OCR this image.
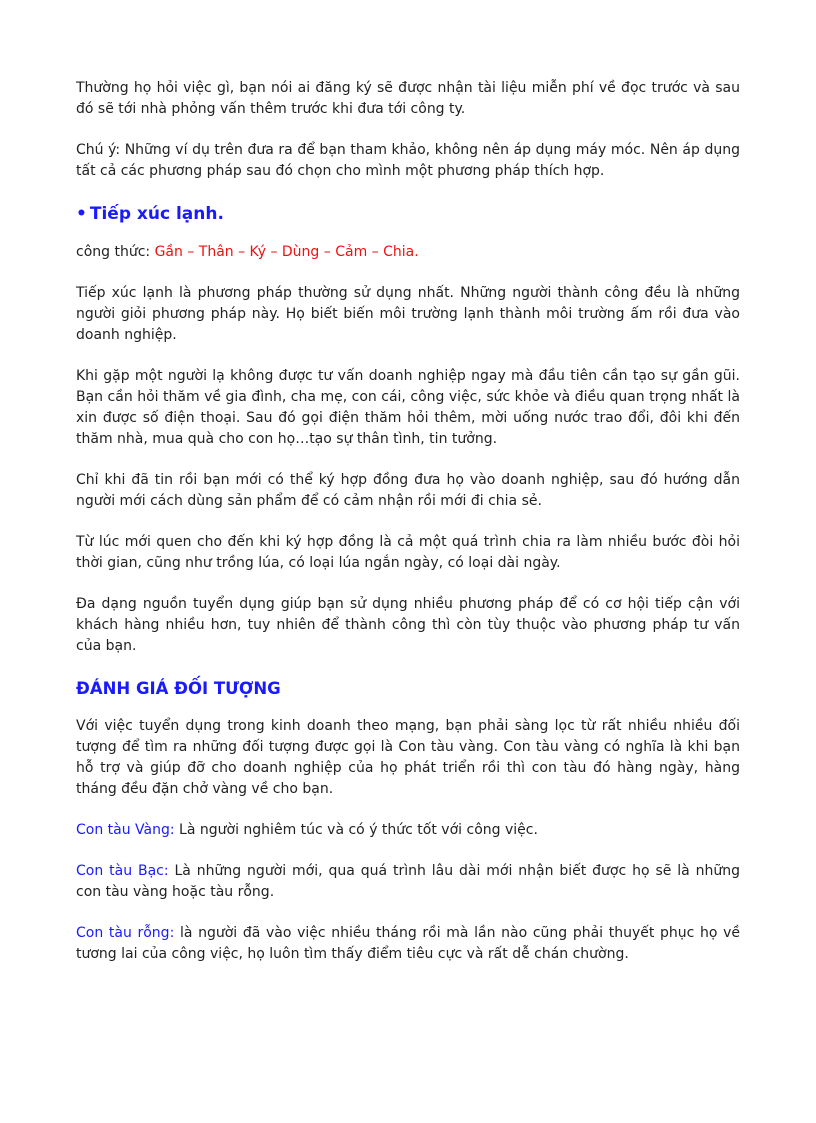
Thường họ hỏi việc gì, bạn nói ai đăng ký sẽ được nhận tài liệu miễn phí về đọc trước và sau đó sẽ tới nhà phỏng vấn thêm trước khi đưa tới công ty.

Chú ý: Những ví dụ trên đưa ra để bạn tham khảo, không nên áp dụng máy móc. Nên áp dụng tất cả các phương pháp sau đó chọn cho mình một phương pháp thích hợp.

• Tiếp xúc lạnh.

công thức: Gần – Thân – Ký – Dùng – Cảm – Chia.

Tiếp xúc lạnh là phương pháp thường sử dụng nhất. Những người thành công đều là những người giỏi phương pháp này. Họ biết biến môi trường lạnh thành môi trường ấm rồi đưa vào doanh nghiệp.

Khi gặp một người lạ không được tư vấn doanh nghiệp ngay mà đầu tiên cần tạo sự gần gũi. Bạn cần hỏi thăm về gia đình, cha mẹ, con cái, công việc, sức khỏe và điều quan trọng nhất là xin được số điện thoại. Sau đó gọi điện thăm hỏi thêm, mời uống nước trao đổi, đôi khi đến thăm nhà, mua quà cho con họ…tạo sự thân tình, tin tưởng.

Chỉ khi đã tin rồi bạn mới có thể ký hợp đồng đưa họ vào doanh nghiệp, sau đó hướng dẫn người mới cách dùng sản phẩm để có cảm nhận rồi mới đi chia sẻ.

Từ lúc mới quen cho đến khi ký hợp đồng là cả một quá trình chia ra làm nhiều bước đòi hỏi thời gian, cũng như trồng lúa, có loại lúa ngắn ngày, có loại dài ngày.

Đa dạng nguồn tuyển dụng giúp bạn sử dụng nhiều phương pháp để có cơ hội tiếp cận với khách hàng nhiều hơn, tuy nhiên để thành công thì còn tùy thuộc vào phương pháp tư vấn của bạn.

ĐÁNH GIÁ ĐỐI TƯỢNG

Với việc tuyển dụng trong kinh doanh theo mạng, bạn phải sàng lọc từ rất nhiều nhiều đối tượng để tìm ra những đối tượng được gọi là Con tàu vàng. Con tàu vàng có nghĩa là khi bạn hỗ trợ và giúp đỡ cho doanh nghiệp của họ phát triển rồi thì con tàu đó hàng ngày, hàng tháng đều đặn chở vàng về cho bạn.

Con tàu Vàng: Là người nghiêm túc và có ý thức tốt với công việc.

Con tàu Bạc: Là những người mới, qua quá trình lâu dài mới nhận biết được họ sẽ là những con tàu vàng hoặc tàu rỗng.

Con tàu rỗng: là người đã vào việc nhiều tháng rồi mà lần nào cũng phải thuyết phục họ về tương lai của công việc, họ luôn tìm thấy điểm tiêu cực và rất dễ chán chường.
